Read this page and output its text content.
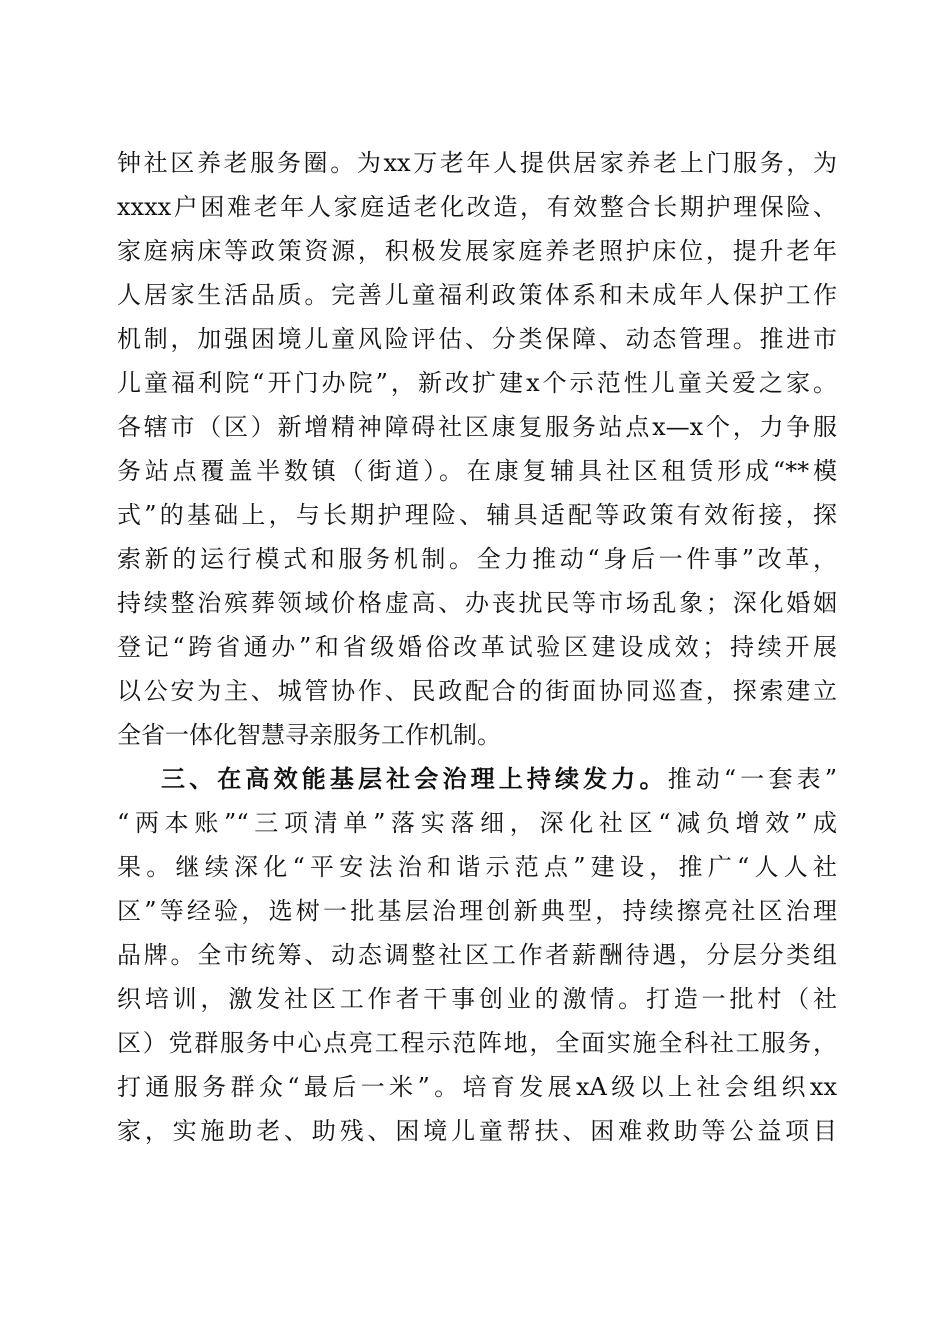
钟社区养老服务圈。为xx万老年人提供居家养老上门服务，为
xxxx户困难老年人家庭适老化改造，有效整合长期护理保险、
家庭病床等政策资源，积极发展家庭养老照护床位，提升老年
人居家生活品质。完善儿童福利政策体系和未成年人保护工作
机制，加强困境儿童风险评估、分类保障、动态管理。推进市
儿童福利院“开门办院”，新改扩建x个示范性儿童关爱之家。
各辖市（区）新增精神障碍社区康复服务站点x—x个，力争服
务站点覆盖半数镇（街道）。在康复辅具社区租赁形成“**模
式”的基础上，与长期护理险、辅具适配等政策有效衔接，探
索新的运行模式和服务机制。全力推动“身后一件事”改革，
持续整治殡葬领域价格虚高、办丧扰民等市场乱象；深化婚姻
登记“跨省通办”和省级婚俗改革试验区建设成效；持续开展
以公安为主、城管协作、民政配合的街面协同巡查，探索建立
全省一体化智慧寻亲服务工作机制。
三、在高效能基层社会治理上持续发力。推动“一套表”
“两本账”“三项清单”落实落细，深化社区“减负增效”成
果。继续深化“平安法治和谐示范点”建设，推广“人人社
区”等经验，选树一批基层治理创新典型，持续擦亮社区治理
品牌。全市统筹、动态调整社区工作者薪酬待遇，分层分类组
织培训，激发社区工作者干事创业的激情。打造一批村（社
区）党群服务中心点亮工程示范阵地，全面实施全科社工服务，
打通服务群众“最后一米”。培育发展xA级以上社会组织xx
家，实施助老、助残、困境儿童帮扶、困难救助等公益项目
